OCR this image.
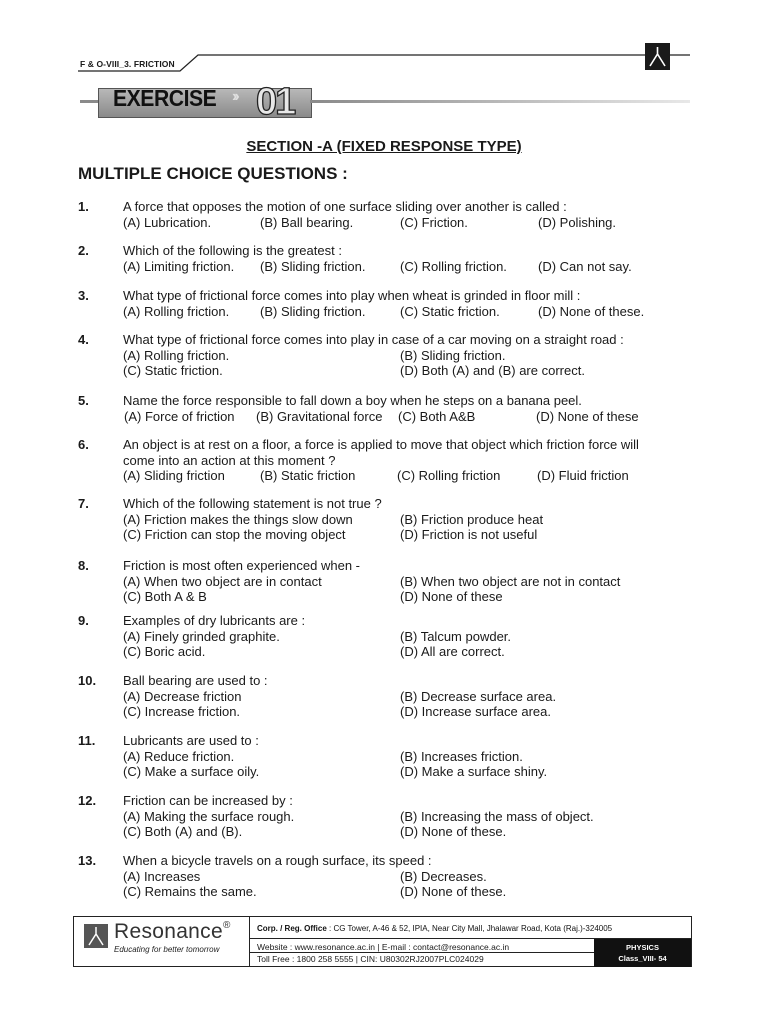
F & O-VIII_3. FRICTION
EXERCISE ›› 01
SECTION -A (FIXED RESPONSE TYPE)
MULTIPLE CHOICE QUESTIONS :
1.	A force that opposes the motion of one surface sliding over another is called :
(A) Lubrication.	(B) Ball bearing.	(C) Friction.	(D) Polishing.
2.	Which of the following is the greatest :
(A) Limiting friction. (B) Sliding friction.	(C) Rolling friction. (D) Can not say.
3.	What type of frictional force comes into play when wheat is grinded in floor mill :
(A) Rolling friction. (B) Sliding friction.	(C) Static friction.	(D) None of these.
4.	What type of frictional force comes into play in case of a car moving on a straight road :
(A) Rolling friction.	(B) Sliding friction.
(C) Static friction.	(D) Both (A) and (B) are correct.
5.	Name the force responsible to fall down a boy when he steps on a banana peel.
(A) Force of friction (B) Gravitational force (C) Both A&B	(D) None of these
6.	An object is at rest on a floor, a force is applied to move that object which friction force will
come into an action at this moment ?
(A) Sliding friction	(B) Static friction	(C) Rolling friction	(D) Fluid friction
7.	Which of the following statement is not true ?
(A) Friction makes the things slow down	(B) Friction produce heat
(C) Friction can stop the moving object	(D) Friction is not useful
8.	Friction is most often experienced when -
(A) When two object are in contact	(B) When two object are not in contact
(C) Both A & B	(D) None of these
9.	Examples of dry lubricants are :
(A) Finely grinded graphite.	(B) Talcum powder.
(C) Boric acid.	(D) All are correct.
10. Ball bearing are used to :
(A) Decrease friction	(B) Decrease surface area.
(C) Increase friction.	(D) Increase surface area.
11. Lubricants are used to :
(A) Reduce friction.	(B) Increases friction.
(C) Make a surface oily.	(D) Make a surface shiny.
12. Friction can be increased by :
(A) Making the surface rough.	(B) Increasing the mass of object.
(C) Both (A) and (B).	(D) None of these.
13. When a bicycle travels on a rough surface, its speed :
(A) Increases	(B) Decreases.
(C) Remains the same.	(D) None of these.
Resonance®
Educating for better tomorrow
Corp. / Reg. Office : CG Tower, A-46 & 52, IPIA, Near City Mall, Jhalawar Road, Kota (Raj.)-324005
Website : www.resonance.ac.in | E-mail : contact@resonance.ac.in
Toll Free : 1800 258 5555 | CIN: U80302RJ2007PLC024029
PHYSICS
Class_VIII- 54
